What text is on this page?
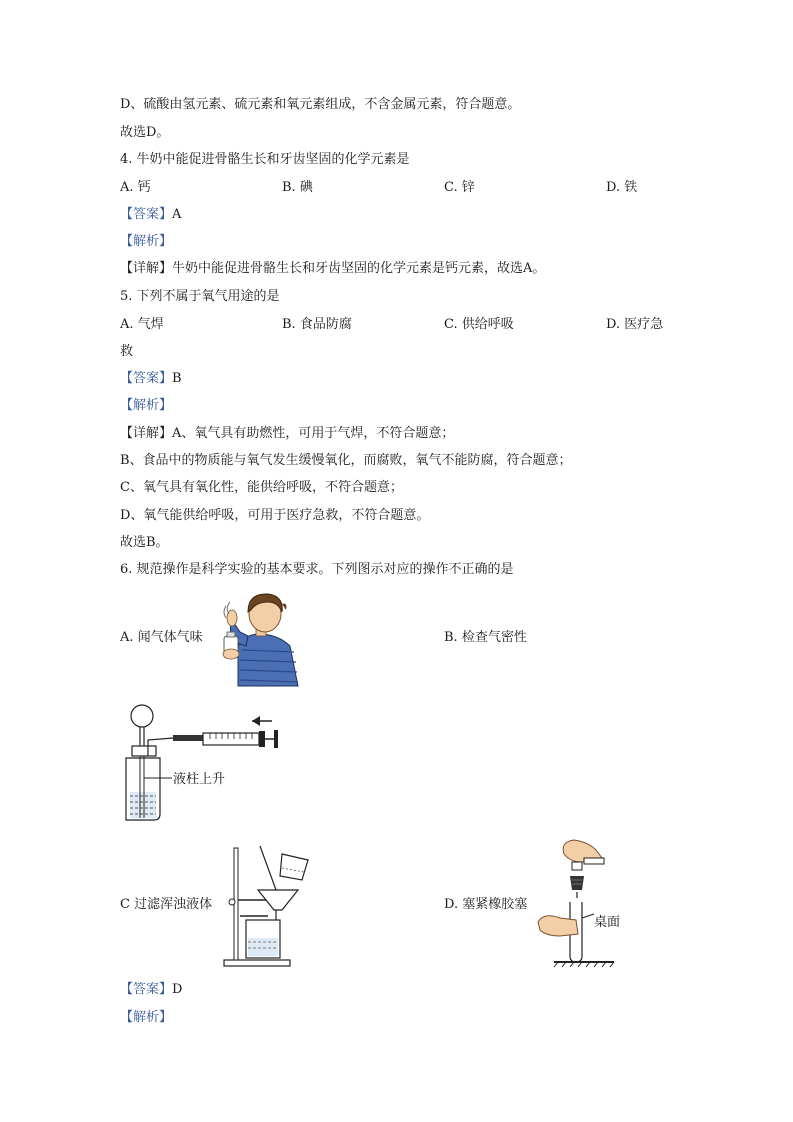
D、硫酸由氢元素、硫元素和氧元素组成，不含金属元素，符合题意。
故选D。
4. 牛奶中能促进骨骼生长和牙齿坚固的化学元素是
A. 钙	B. 碘	C. 锌	D. 铁
【答案】A
【解析】
【详解】牛奶中能促进骨骼生长和牙齿坚固的化学元素是钙元素，故选A。
5. 下列不属于氧气用途的是
A. 气焊	B. 食品防腐	C. 供给呼吸	D. 医疗急
救
【答案】B
【解析】
【详解】A、氧气具有助燃性，可用于气焊，不符合题意；
B、食品中的物质能与氧气发生缓慢氧化，而腐败，氧气不能防腐，符合题意；
C、氧气具有氧化性，能供给呼吸，不符合题意；
D、氧气能供给呼吸，可用于医疗急救，不符合题意。
故选B。
6. 规范操作是科学实验的基本要求。下列图示对应的操作不正确的是
A. 闻气体气味	B. 检查气密性
C 过滤浑浊液体	D. 塞紧橡胶塞
液柱上升
桌面
【答案】D
【解析】
